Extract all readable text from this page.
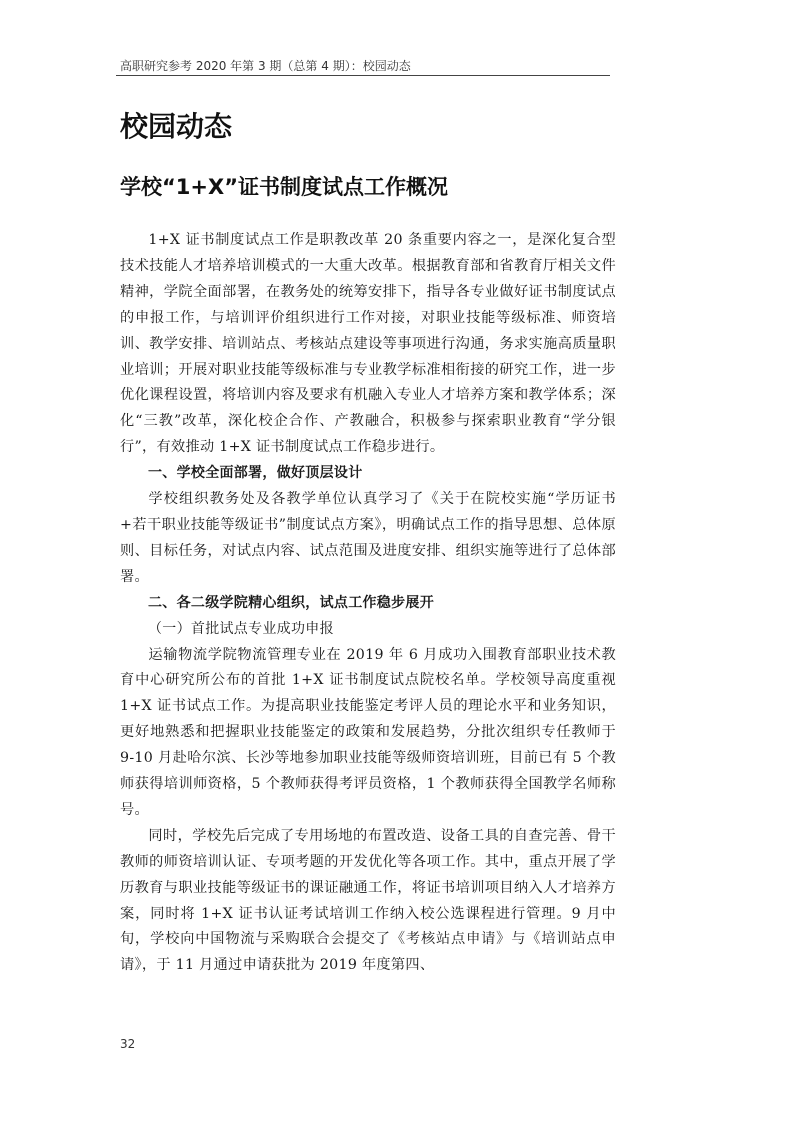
高职研究参考 2020 年第 3 期（总第 4 期）：校园动态
校园动态
学校“1+X”证书制度试点工作概况

1+X 证书制度试点工作是职教改革 20 条重要内容之一，是深化复合型技术技能人才培养培训模式的一大重大改革。根据教育部和省教育厅相关文件精神，学院全面部署，在教务处的统筹安排下，指导各专业做好证书制度试点的申报工作，与培训评价组织进行工作对接，对职业技能等级标准、师资培训、教学安排、培训站点、考核站点建设等事项进行沟通，务求实施高质量职业培训；开展对职业技能等级标准与专业教学标准相衔接的研究工作，进一步优化课程设置，将培训内容及要求有机融入专业人才培养方案和教学体系；深化“三教”改革，深化校企合作、产教融合，积极参与探索职业教育“学分银行”，有效推动 1+X 证书制度试点工作稳步进行。

一、学校全面部署，做好顶层设计

学校组织教务处及各教学单位认真学习了《关于在院校实施“学历证书+若干职业技能等级证书”制度试点方案》，明确试点工作的指导思想、总体原则、目标任务，对试点内容、试点范围及进度安排、组织实施等进行了总体部署。

二、各二级学院精心组织，试点工作稳步展开

（一）首批试点专业成功申报

运输物流学院物流管理专业在 2019 年 6 月成功入围教育部职业技术教育中心研究所公布的首批 1+X 证书制度试点院校名单。学校领导高度重视 1+X 证书试点工作。为提高职业技能鉴定考评人员的理论水平和业务知识，更好地熟悉和把握职业技能鉴定的政策和发展趋势，分批次组织专任教师于 9-10 月赴哈尔滨、长沙等地参加职业技能等级师资培训班，目前已有 5 个教师获得培训师资格，5 个教师获得考评员资格，1 个教师获得全国教学名师称号。

同时，学校先后完成了专用场地的布置改造、设备工具的自查完善、骨干教师的师资培训认证、专项考题的开发优化等各项工作。其中，重点开展了学历教育与职业技能等级证书的课证融通工作，将证书培训项目纳入人才培养方案，同时将 1+X 证书认证考试培训工作纳入校公选课程进行管理。9 月中旬，学校向中国物流与采购联合会提交了《考核站点申请》与《培训站点申请》，于 11 月通过申请获批为 2019 年度第四、

32
